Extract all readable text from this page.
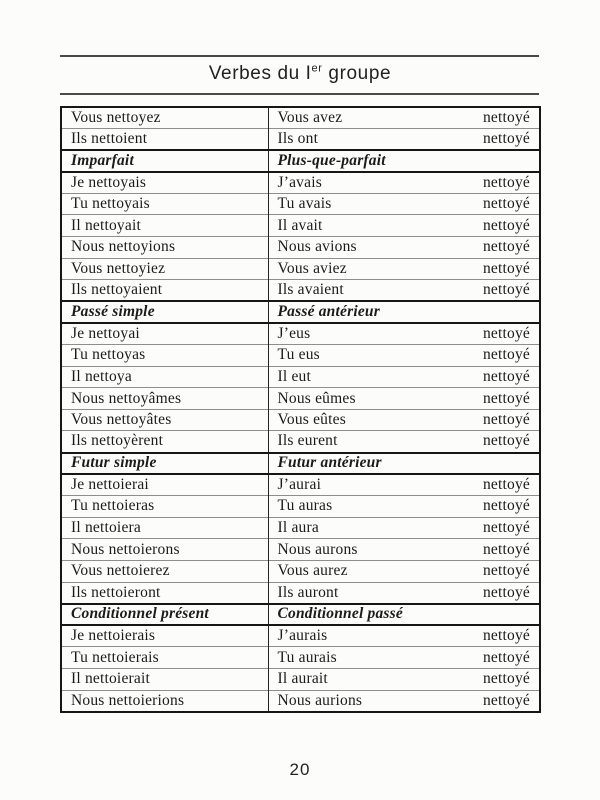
Verbes du Ier groupe
Vous nettoyez	Vous avez nettoyé

Ils nettoient	Ils ont nettoyé

Imparfait	Plus-que-parfait
Je nettoyais	J’avais nettoyé

Tu nettoyais	Tu avais nettoyé

Il nettoyait	Il avait nettoyé

Nous nettoyions	Nous avions nettoyé

Vous nettoyiez	Vous aviez nettoyé

Ils nettoyaient	Ils avaient nettoyé

Passé simple	Passé antérieur
Je nettoyai	J’eus nettoyé

Tu nettoyas	Tu eus nettoyé

Il nettoya	Il eut nettoyé

Nous nettoyâmes	Nous eûmes nettoyé

Vous nettoyâtes	Vous eûtes nettoyé

Ils nettoyèrent	Ils eurent nettoyé

Futur simple	Futur antérieur
Je nettoierai	J’aurai nettoyé

Tu nettoieras	Tu auras nettoyé

Il nettoiera	Il aura nettoyé

Nous nettoierons	Nous aurons nettoyé

Vous nettoierez	Vous aurez nettoyé

Ils nettoieront	Ils auront nettoyé

Conditionnel présent	Conditionnel passé
Je nettoierais	J’aurais nettoyé

Tu nettoierais	Tu aurais nettoyé

Il nettoierait	Il aurait nettoyé

Nous nettoierions	Nous aurions nettoyé
20
